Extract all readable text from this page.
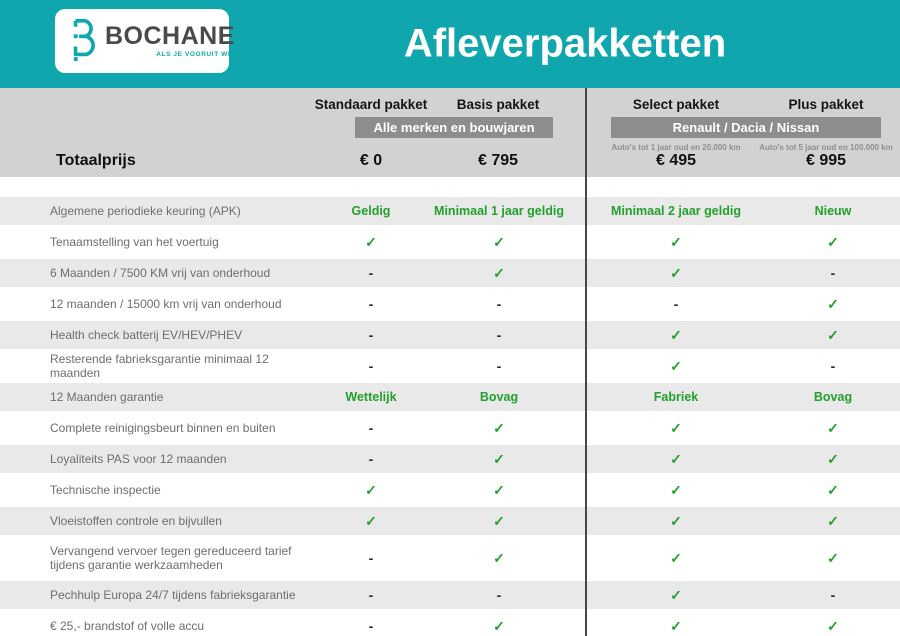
BOCHANE
ALS JE VOORUIT WIL	Afleverpakketten
Standaard pakket Basis pakket	Select pakket	Plus pakket
Alle merken en bouwjaren	Renault / Dacia / Nissan
Auto's tot 1 jaar oud en 20.000 km Auto's tot 5 jaar oud en 100.000 km
Totaalprijs	€ 0	€ 795	€ 495	€ 995
Algemene periodieke keuring (APK)	Geldig	Minimaal 1 jaar geldig	Minimaal 2 jaar geldig	Nieuw
Tenaamstelling van het voertuig	✓	✓	✓	✓
6 Maanden / 7500 KM vrij van onderhoud	-	✓	✓	-
12 maanden / 15000 km vrij van onderhoud	-	-	-	✓
Health check batterij EV/HEV/PHEV	-	-	✓	✓
Resterende fabrieksgarantie minimaal 12 maanden	-	-	✓	-
12 Maanden garantie	Wettelijk	Bovag	Fabriek	Bovag
Complete reinigingsbeurt binnen en buiten	-	✓	✓	✓
Loyaliteits PAS voor 12 maanden	-	✓	✓	✓
Technische inspectie	✓	✓	✓	✓
Vloeistoffen controle en bijvullen	✓	✓	✓	✓
Vervangend vervoer tegen gereduceerd tarief tijdens garantie werkzaamheden	-	✓	✓	✓
Pechhulp Europa 24/7 tijdens fabrieksgarantie	-	-	✓	-
€ 25,- brandstof of volle accu	-	✓	✓	✓
